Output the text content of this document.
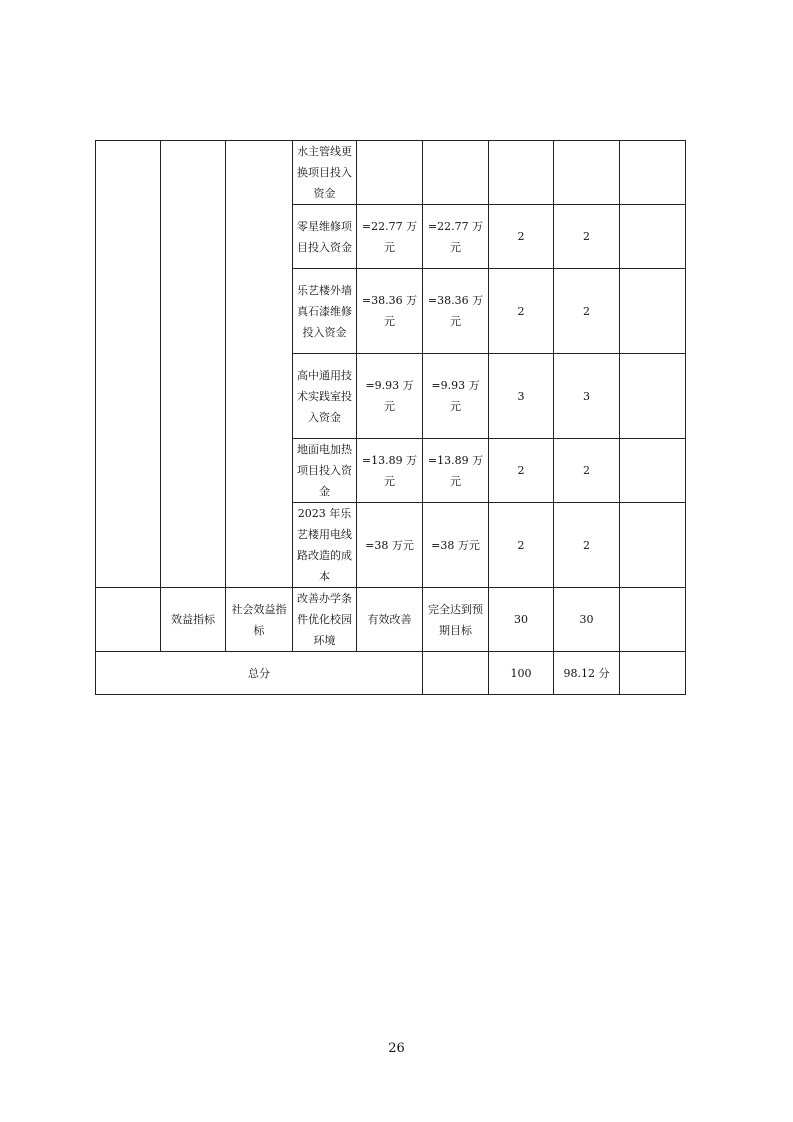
			水主管线更换项目投入资金					
			零星维修项目投入资金	=22.77 万元	=22.77 万元	2	2	
			乐艺楼外墙真石漆维修投入资金	=38.36 万元	=38.36 万元	2	2	
			高中通用技术实践室投入资金	=9.93 万元	=9.93 万元	3	3	
			地面电加热项目投入资金	=13.89 万元	=13.89 万元	2	2	
			2023 年乐艺楼用电线路改造的成本	=38 万元	=38 万元	2	2	
	效益指标	社会效益指标	改善办学条件优化校园环境	有效改善	完全达到预期目标	30	30	
总分						100	98.12 分	
26
